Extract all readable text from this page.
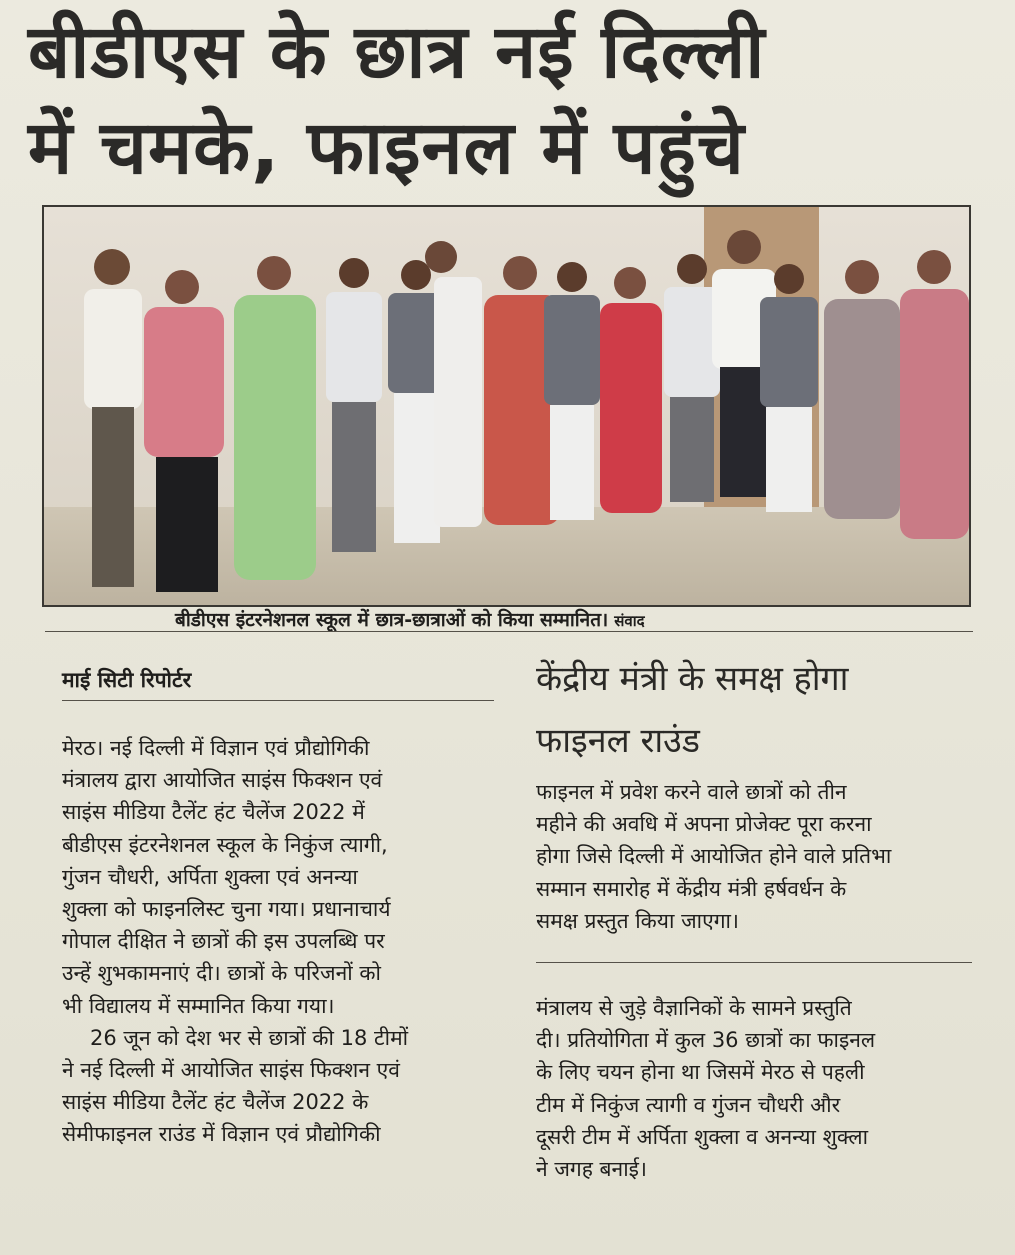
बीडीएस के छात्र नई दिल्ली
में चमके, फाइनल में पहुंचे
बीडीएस इंटरनेशनल स्कूल में छात्र-छात्राओं को किया सम्मानित। संवाद
माई सिटी रिपोर्टर
मेरठ। नई दिल्ली में विज्ञान एवं प्रौद्योगिकी
मंत्रालय द्वारा आयोजित साइंस फिक्शन एवं
साइंस मीडिया टैलेंट हंट चैलेंज 2022 में
बीडीएस इंटरनेशनल स्कूल के निकुंज त्यागी,
गुंजन चौधरी, अर्पिता शुक्ला एवं अनन्या
शुक्ला को फाइनलिस्ट चुना गया। प्रधानाचार्य
गोपाल दीक्षित ने छात्रों की इस उपलब्धि पर
उन्हें शुभकामनाएं दी। छात्रों के परिजनों को
भी विद्यालय में सम्मानित किया गया।
26 जून को देश भर से छात्रों की 18 टीमों
ने नई दिल्ली में आयोजित साइंस फिक्शन एवं
साइंस मीडिया टैलेंट हंट चैलेंज 2022 के
सेमीफाइनल राउंड में विज्ञान एवं प्रौद्योगिकी
केंद्रीय मंत्री के समक्ष होगा
फाइनल राउंड
फाइनल में प्रवेश करने वाले छात्रों को तीन
महीने की अवधि में अपना प्रोजेक्ट पूरा करना
होगा जिसे दिल्ली में आयोजित होने वाले प्रतिभा
सम्मान समारोह में केंद्रीय मंत्री हर्षवर्धन के
समक्ष प्रस्तुत किया जाएगा।
मंत्रालय से जुड़े वैज्ञानिकों के सामने प्रस्तुति
दी। प्रतियोगिता में कुल 36 छात्रों का फाइनल
के लिए चयन होना था जिसमें मेरठ से पहली
टीम में निकुंज त्यागी व गुंजन चौधरी और
दूसरी टीम में अर्पिता शुक्ला व अनन्या शुक्ला
ने जगह बनाई।
